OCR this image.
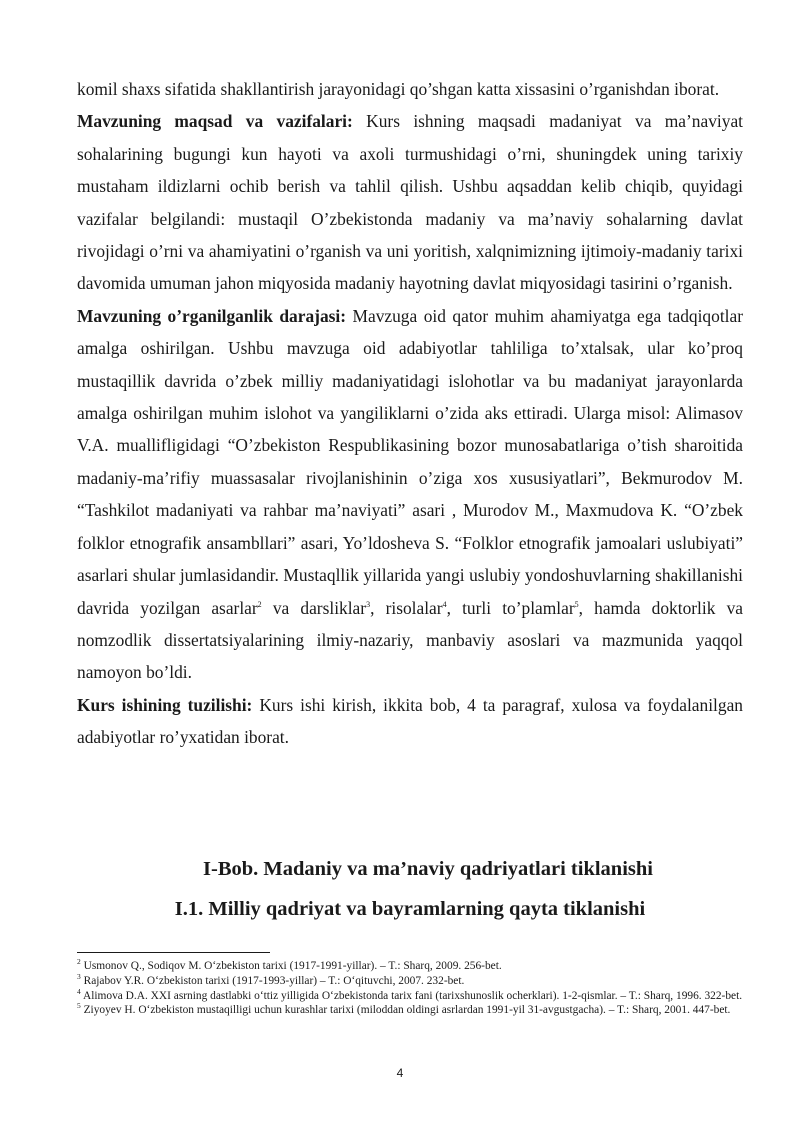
komil shaxs sifatida shakllantirish jarayonidagi qo’shgan katta xissasini o’rganishdan iborat.

Mavzuning maqsad va vazifalari: Kurs ishning maqsadi madaniyat va ma’naviyat sohalarining bugungi kun hayoti va axoli turmushidagi o’rni, shuningdek uning tarixiy mustaham ildizlarni ochib berish va tahlil qilish. Ushbu aqsaddan kelib chiqib, quyidagi vazifalar belgilandi: mustaqil O’zbekistonda madaniy va ma’naviy sohalarning davlat rivojidagi o’rni va ahamiyatini o’rganish va uni yoritish, xalqnimizning ijtimoiy-madaniy tarixi davomida umuman jahon miqyosida madaniy hayotning davlat miqyosidagi tasirini o’rganish.

Mavzuning o’rganilganlik darajasi: Mavzuga oid qator muhim ahamiyatga ega tadqiqotlar amalga oshirilgan. Ushbu mavzuga oid adabiyotlar tahliliga to’xtalsak, ular ko’proq mustaqillik davrida o’zbek milliy madaniyatidagi islohotlar va bu madaniyat jarayonlarda amalga oshirilgan muhim islohot va yangiliklarni o’zida aks ettiradi. Ularga misol: Alimasov V.A. muallifligidagi “O’zbekiston Respublikasining bozor munosabatlariga o’tish sharoitida madaniy-ma’rifiy muassasalar rivojlanishinin o’ziga xos xususiyatlari”, Bekmurodov M. “Tashkilot madaniyati va rahbar ma’naviyati” asari , Murodov M., Maxmudova K. “O’zbek folklor etnografik ansambllari” asari, Yo’ldosheva S. “Folklor etnografik jamoalari uslubiyati” asarlari shular jumlasidandir. Mustaqllik yillarida yangi uslubiy yondoshuvlarning shakillanishi davrida yozilgan asarlar$^2$ va darsliklar$^3$, risolalar$^4$, turli to’plamlar$^5$, hamda doktorlik va nomzodlik dissertatsiyalarining ilmiy-nazariy, manbaviy asoslari va mazmunida yaqqol namoyon bo’ldi.

Kurs ishining tuzilishi: Kurs ishi kirish, ikkita bob, 4 ta paragraf, xulosa va foydalanilgan adabiyotlar ro’yxatidan iborat.

I-Bob. Madaniy va ma’naviy qadriyatlari tiklanishi
I.1. Milliy qadriyat va bayramlarning qayta tiklanishi

$^2$ Usmonov Q., Sodiqov M. O‘zbekiston tarixi (1917-1991-yillar). – T.: Sharq, 2009. 256-bet.

$^3$ Rajabov Y.R. O‘zbekiston tarixi (1917-1993-yillar) – T.: O‘qituvchi, 2007. 232-bet.

$^4$ Alimova D.A. XXI asrning dastlabki o‘ttiz yilligida O‘zbekistonda tarix fani (tarixshunoslik ocherklari). 1-2-qismlar. – T.: Sharq, 1996. 322-bet.

$^5$ Ziyoyev H. O‘zbekiston mustaqilligi uchun kurashlar tarixi (miloddan oldingi asrlardan 1991-yil 31-avgustgacha). – T.: Sharq, 2001. 447-bet.

4
